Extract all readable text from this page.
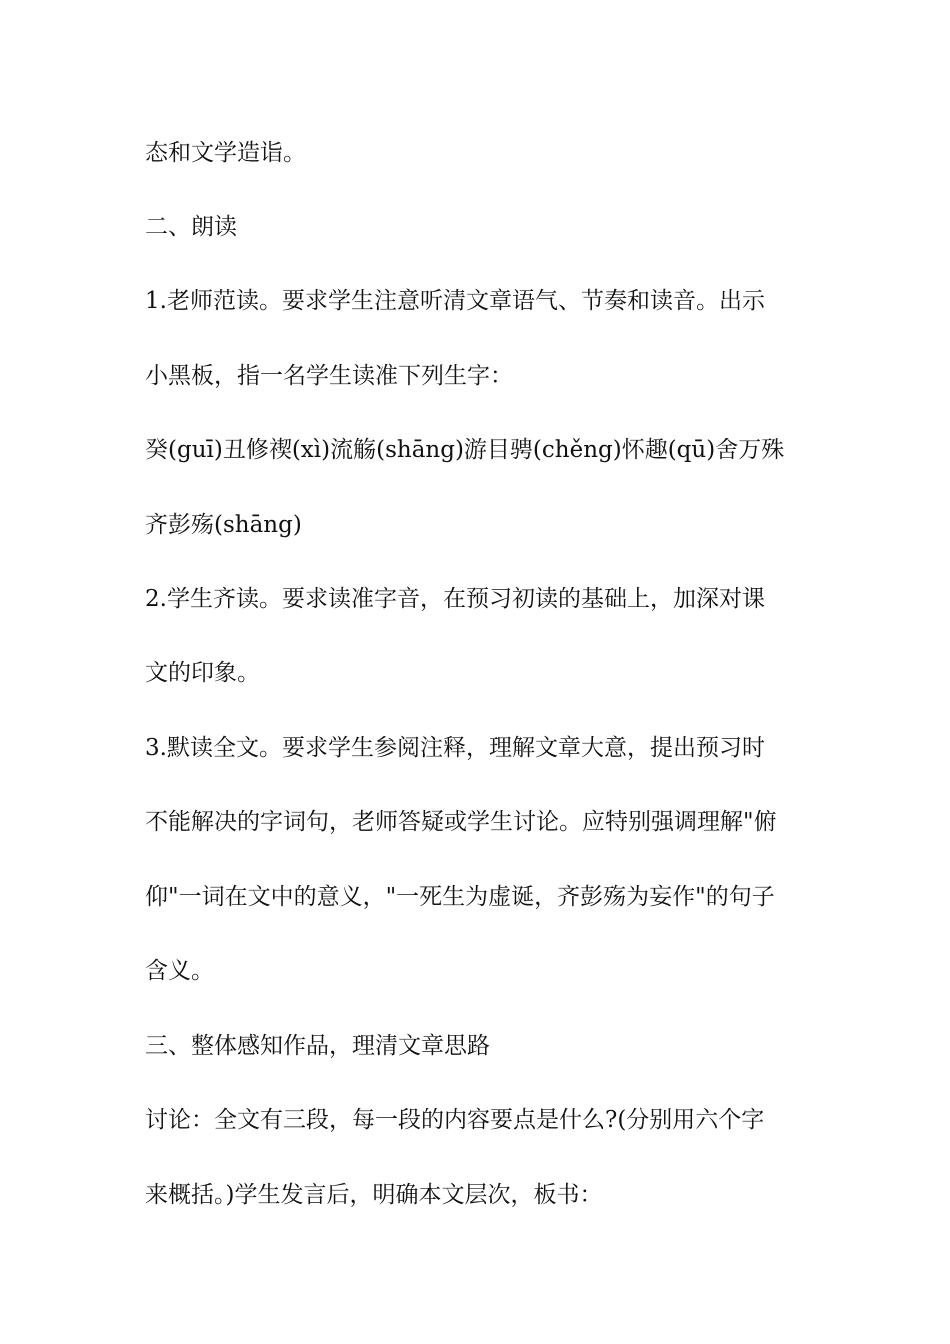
态和文学造诣。
二、朗读
1.老师范读。要求学生注意听清文章语气、节奏和读音。出示
小黑板，指一名学生读准下列生字：
癸(guī)丑修禊(xì)流觞(shāng)游目骋(chěng)怀趣(qū)舍万殊
齐彭殇(shāng)
2.学生齐读。要求读准字音，在预习初读的基础上，加深对课
文的印象。
3.默读全文。要求学生参阅注释，理解文章大意，提出预习时
不能解决的字词句，老师答疑或学生讨论。应特别强调理解"俯
仰"一词在文中的意义，"一死生为虚诞，齐彭殇为妄作"的句子
含义。
三、整体感知作品，理清文章思路
讨论：全文有三段，每一段的内容要点是什么?(分别用六个字
来概括。)学生发言后，明确本文层次，板书：
